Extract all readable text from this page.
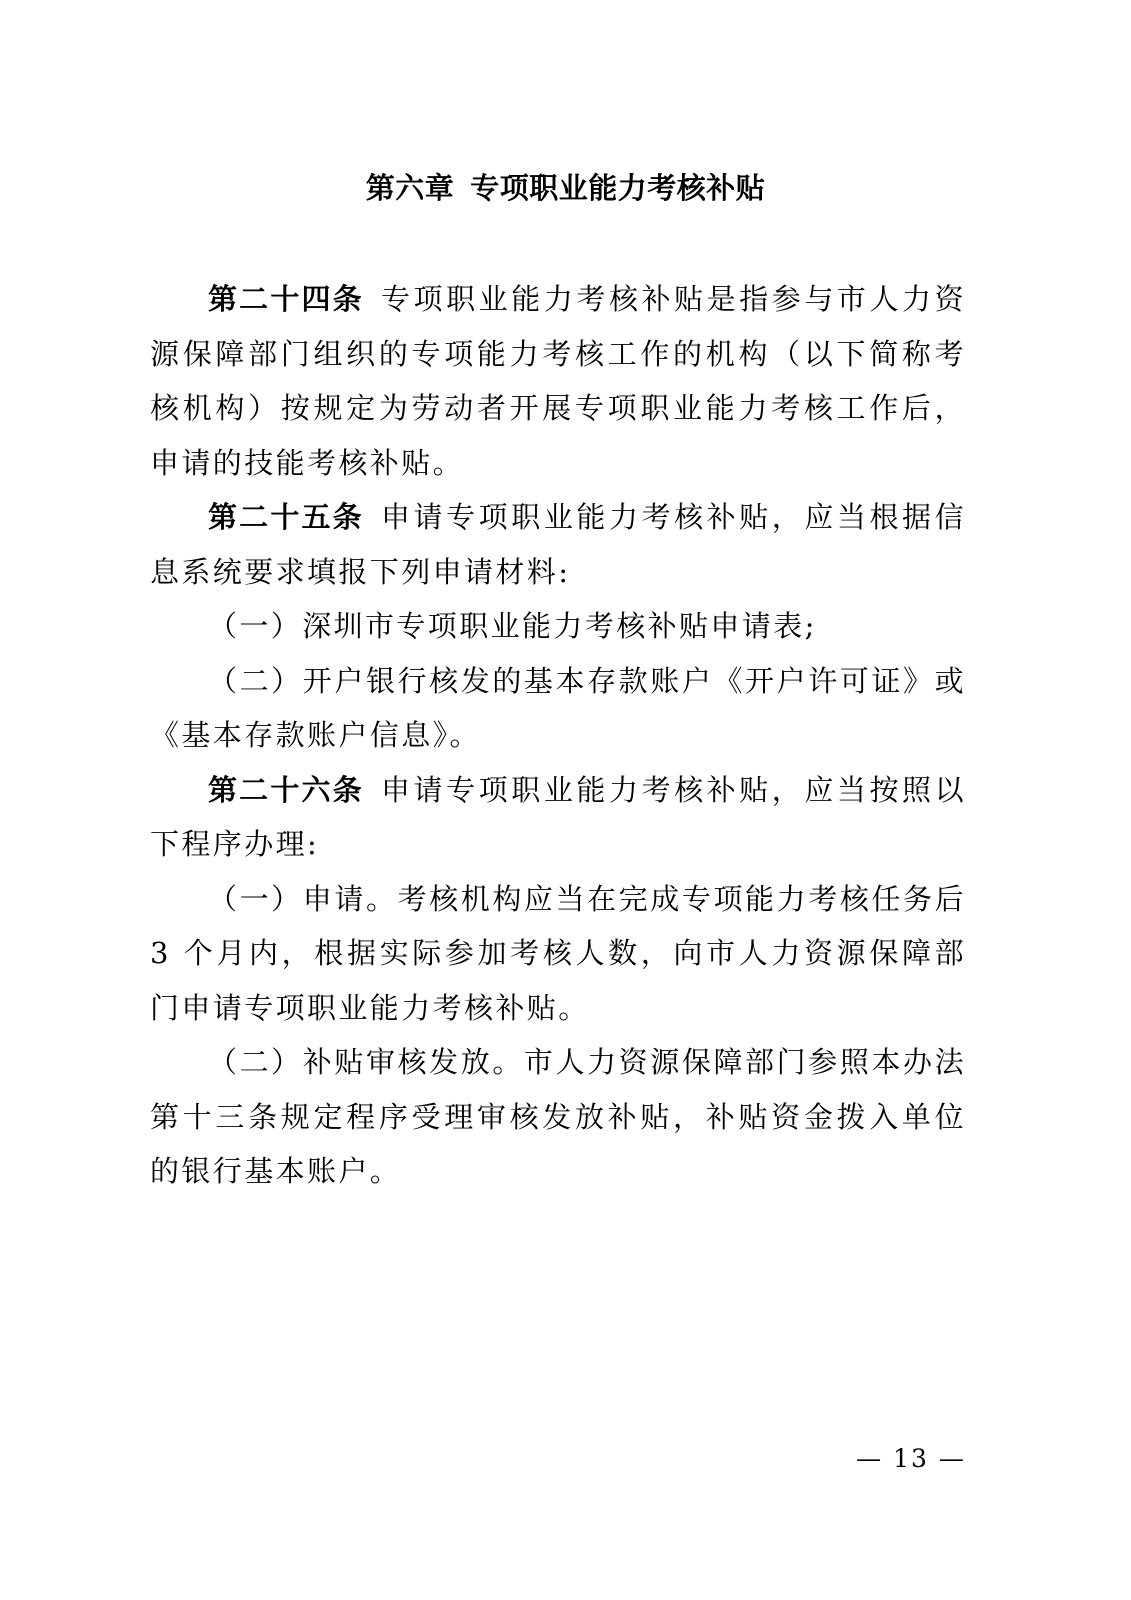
第六章 专项职业能力考核补贴

第二十四条 专项职业能力考核补贴是指参与市人力资源保障部门组织的专项能力考核工作的机构（以下简称考核机构）按规定为劳动者开展专项职业能力考核工作后，申请的技能考核补贴。

第二十五条 申请专项职业能力考核补贴，应当根据信息系统要求填报下列申请材料:

（一）深圳市专项职业能力考核补贴申请表;

（二）开户银行核发的基本存款账户《开户许可证》或《基本存款账户信息》。

第二十六条 申请专项职业能力考核补贴，应当按照以下程序办理:

（一）申请。考核机构应当在完成专项能力考核任务后 3 个月内，根据实际参加考核人数，向市人力资源保障部门申请专项职业能力考核补贴。

（二）补贴审核发放。市人力资源保障部门参照本办法第十三条规定程序受理审核发放补贴，补贴资金拨入单位的银行基本账户。

— 13 —
